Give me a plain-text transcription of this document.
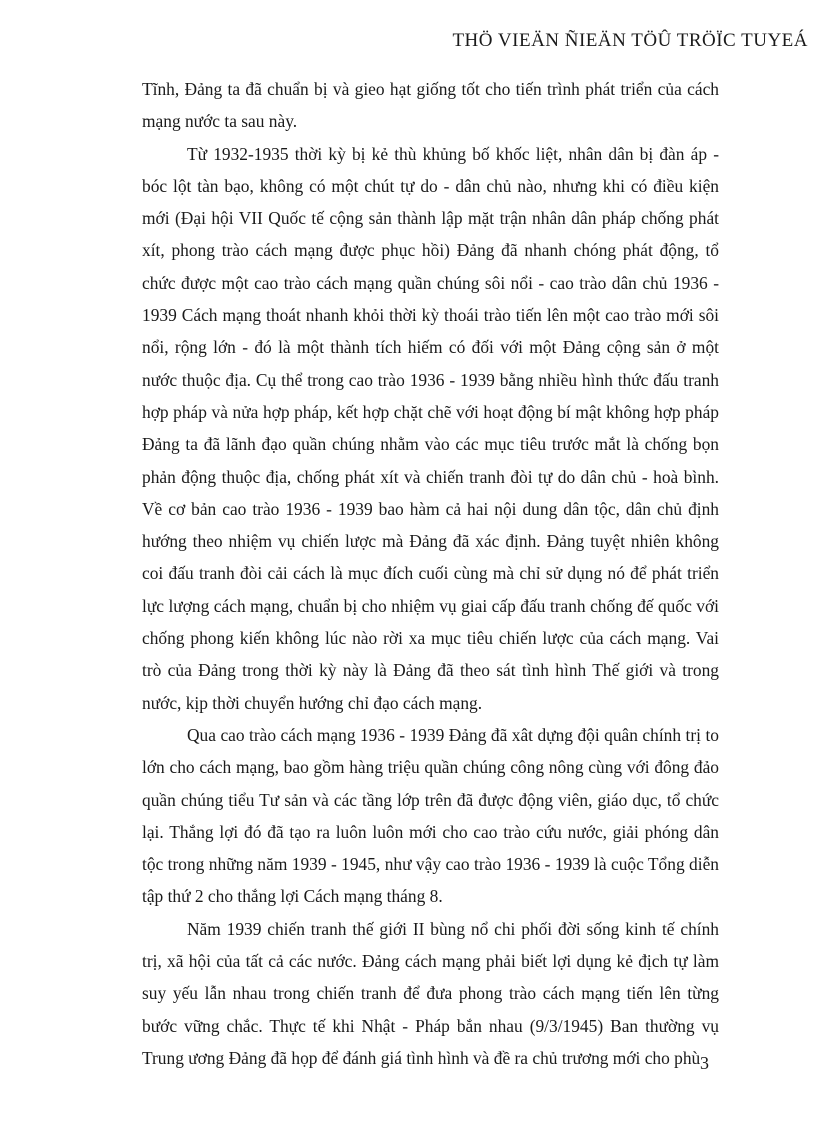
THÖ VIEÄN ÑIEÄN TÖÛ TRÖÏC TUYEÁ

Tĩnh, Đảng ta đã chuẩn bị và gieo hạt giống tốt cho tiến trình phát triển của cách mạng nước ta sau này.

Từ 1932-1935 thời kỳ bị kẻ thù khủng bố khốc liệt, nhân dân bị đàn áp - bóc lột tàn bạo, không có một chút tự do - dân chủ nào, nhưng khi có điều kiện mới (Đại hội VII Quốc tế cộng sản thành lập mặt trận nhân dân pháp chống phát xít, phong trào cách mạng được phục hồi) Đảng đã nhanh chóng phát động, tổ chức được một cao trào cách mạng quần chúng sôi nổi - cao trào dân chủ 1936 - 1939 Cách mạng thoát nhanh khỏi thời kỳ thoái trào tiến lên một cao trào mới sôi nổi, rộng lớn - đó là một thành tích hiếm có đối với một Đảng cộng sản ở một nước thuộc địa. Cụ thể trong cao trào 1936 - 1939 bằng nhiều hình thức đấu tranh hợp pháp và nửa hợp pháp, kết hợp chặt chẽ với hoạt động bí mật không hợp pháp Đảng ta đã lãnh đạo quần chúng nhằm vào các mục tiêu trước mắt là chống bọn phản động thuộc địa, chống phát xít và chiến tranh đòi tự do dân chủ - hoà bình. Về cơ bản cao trào 1936 - 1939 bao hàm cả hai nội dung dân tộc, dân chủ định hướng theo nhiệm vụ chiến lược mà Đảng đã xác định. Đảng tuyệt nhiên không coi đấu tranh đòi cải cách là mục đích cuối cùng mà chỉ sử dụng nó để phát triển lực lượng cách mạng, chuẩn bị cho nhiệm vụ giai cấp đấu tranh chống đế quốc với chống phong kiến không lúc nào rời xa mục tiêu chiến lược của cách mạng. Vai trò của Đảng trong thời kỳ này là Đảng đã theo sát tình hình Thế giới và trong nước, kịp thời chuyển hướng chỉ đạo cách mạng.

Qua cao trào cách mạng 1936 - 1939 Đảng đã xât dựng đội quân chính trị to lớn cho cách mạng, bao gồm hàng triệu quần chúng công nông cùng với đông đảo quần chúng tiểu Tư sản và các tầng lớp trên đã được động viên, giáo dục, tổ chức lại. Thắng lợi đó đã tạo ra luôn luôn mới cho cao trào cứu nước, giải phóng dân tộc trong những năm 1939 - 1945, như vậy cao trào 1936 - 1939 là cuộc Tổng diễn tập thứ 2 cho thắng lợi Cách mạng tháng 8.

Năm 1939 chiến tranh thế giới II bùng nổ chi phối đời sống kinh tế chính trị, xã hội của tất cả các nước. Đảng cách mạng phải biết lợi dụng kẻ địch tự làm suy yếu lẫn nhau trong chiến tranh để đưa phong trào cách mạng tiến lên từng bước vững chắc. Thực tế khi Nhật - Pháp bắn nhau (9/3/1945) Ban thường vụ Trung ương Đảng đã họp để đánh giá tình hình và đề ra chủ trương mới cho phù 3
